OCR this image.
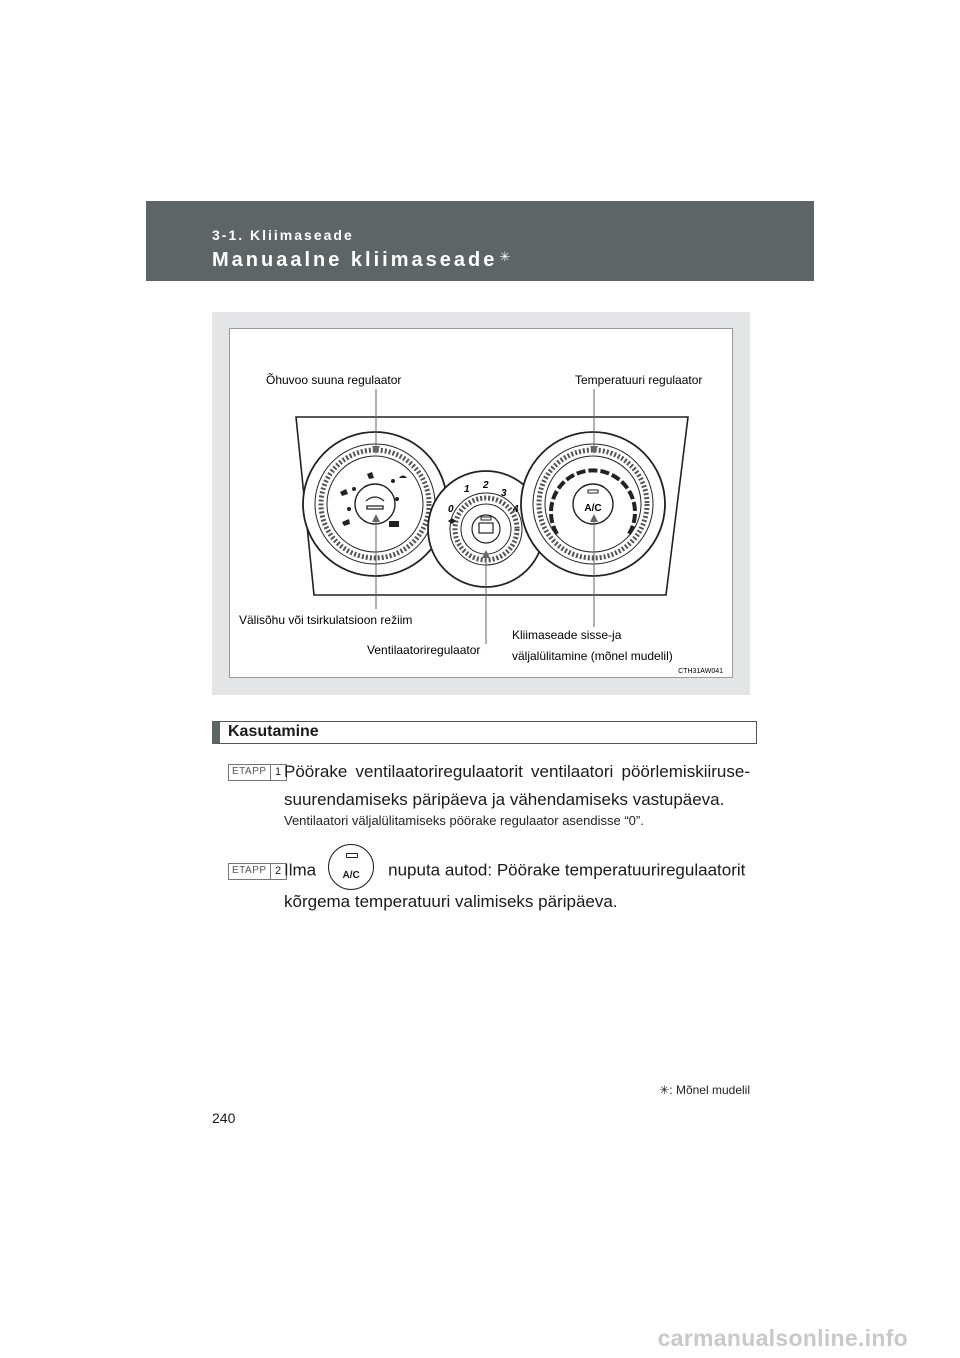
3-1. Kliimaseade
Manuaalne kliimaseade ✳
0
1 2
3
4	A/C
Õhuvoo suuna regulaator	Temperatuuri regulaator
Välisõhu või tsirkulatsioon režiim
Ventilaatoriregulaator
Kliimaseade sisse-ja
väljalülitamine (mõnel mudelil)
CTH31AW041
Kasutamine
ETAPP 1 Pöörake ventilaatoriregulaatorit ventilaatori pöörlemiskiiruse- suurendamiseks päripäeva ja vähendamiseks vastupäeva.
Ventilaatori väljalülitamiseks pöörake regulaator asendisse “0”.
ETAPP 2 Ilma	A/C	nuputa autod: Pöörake temperatuuriregulaatorit
kõrgema temperatuuri valimiseks päripäeva.
✳: Mõnel mudelil
240
carmanualsonline.info
